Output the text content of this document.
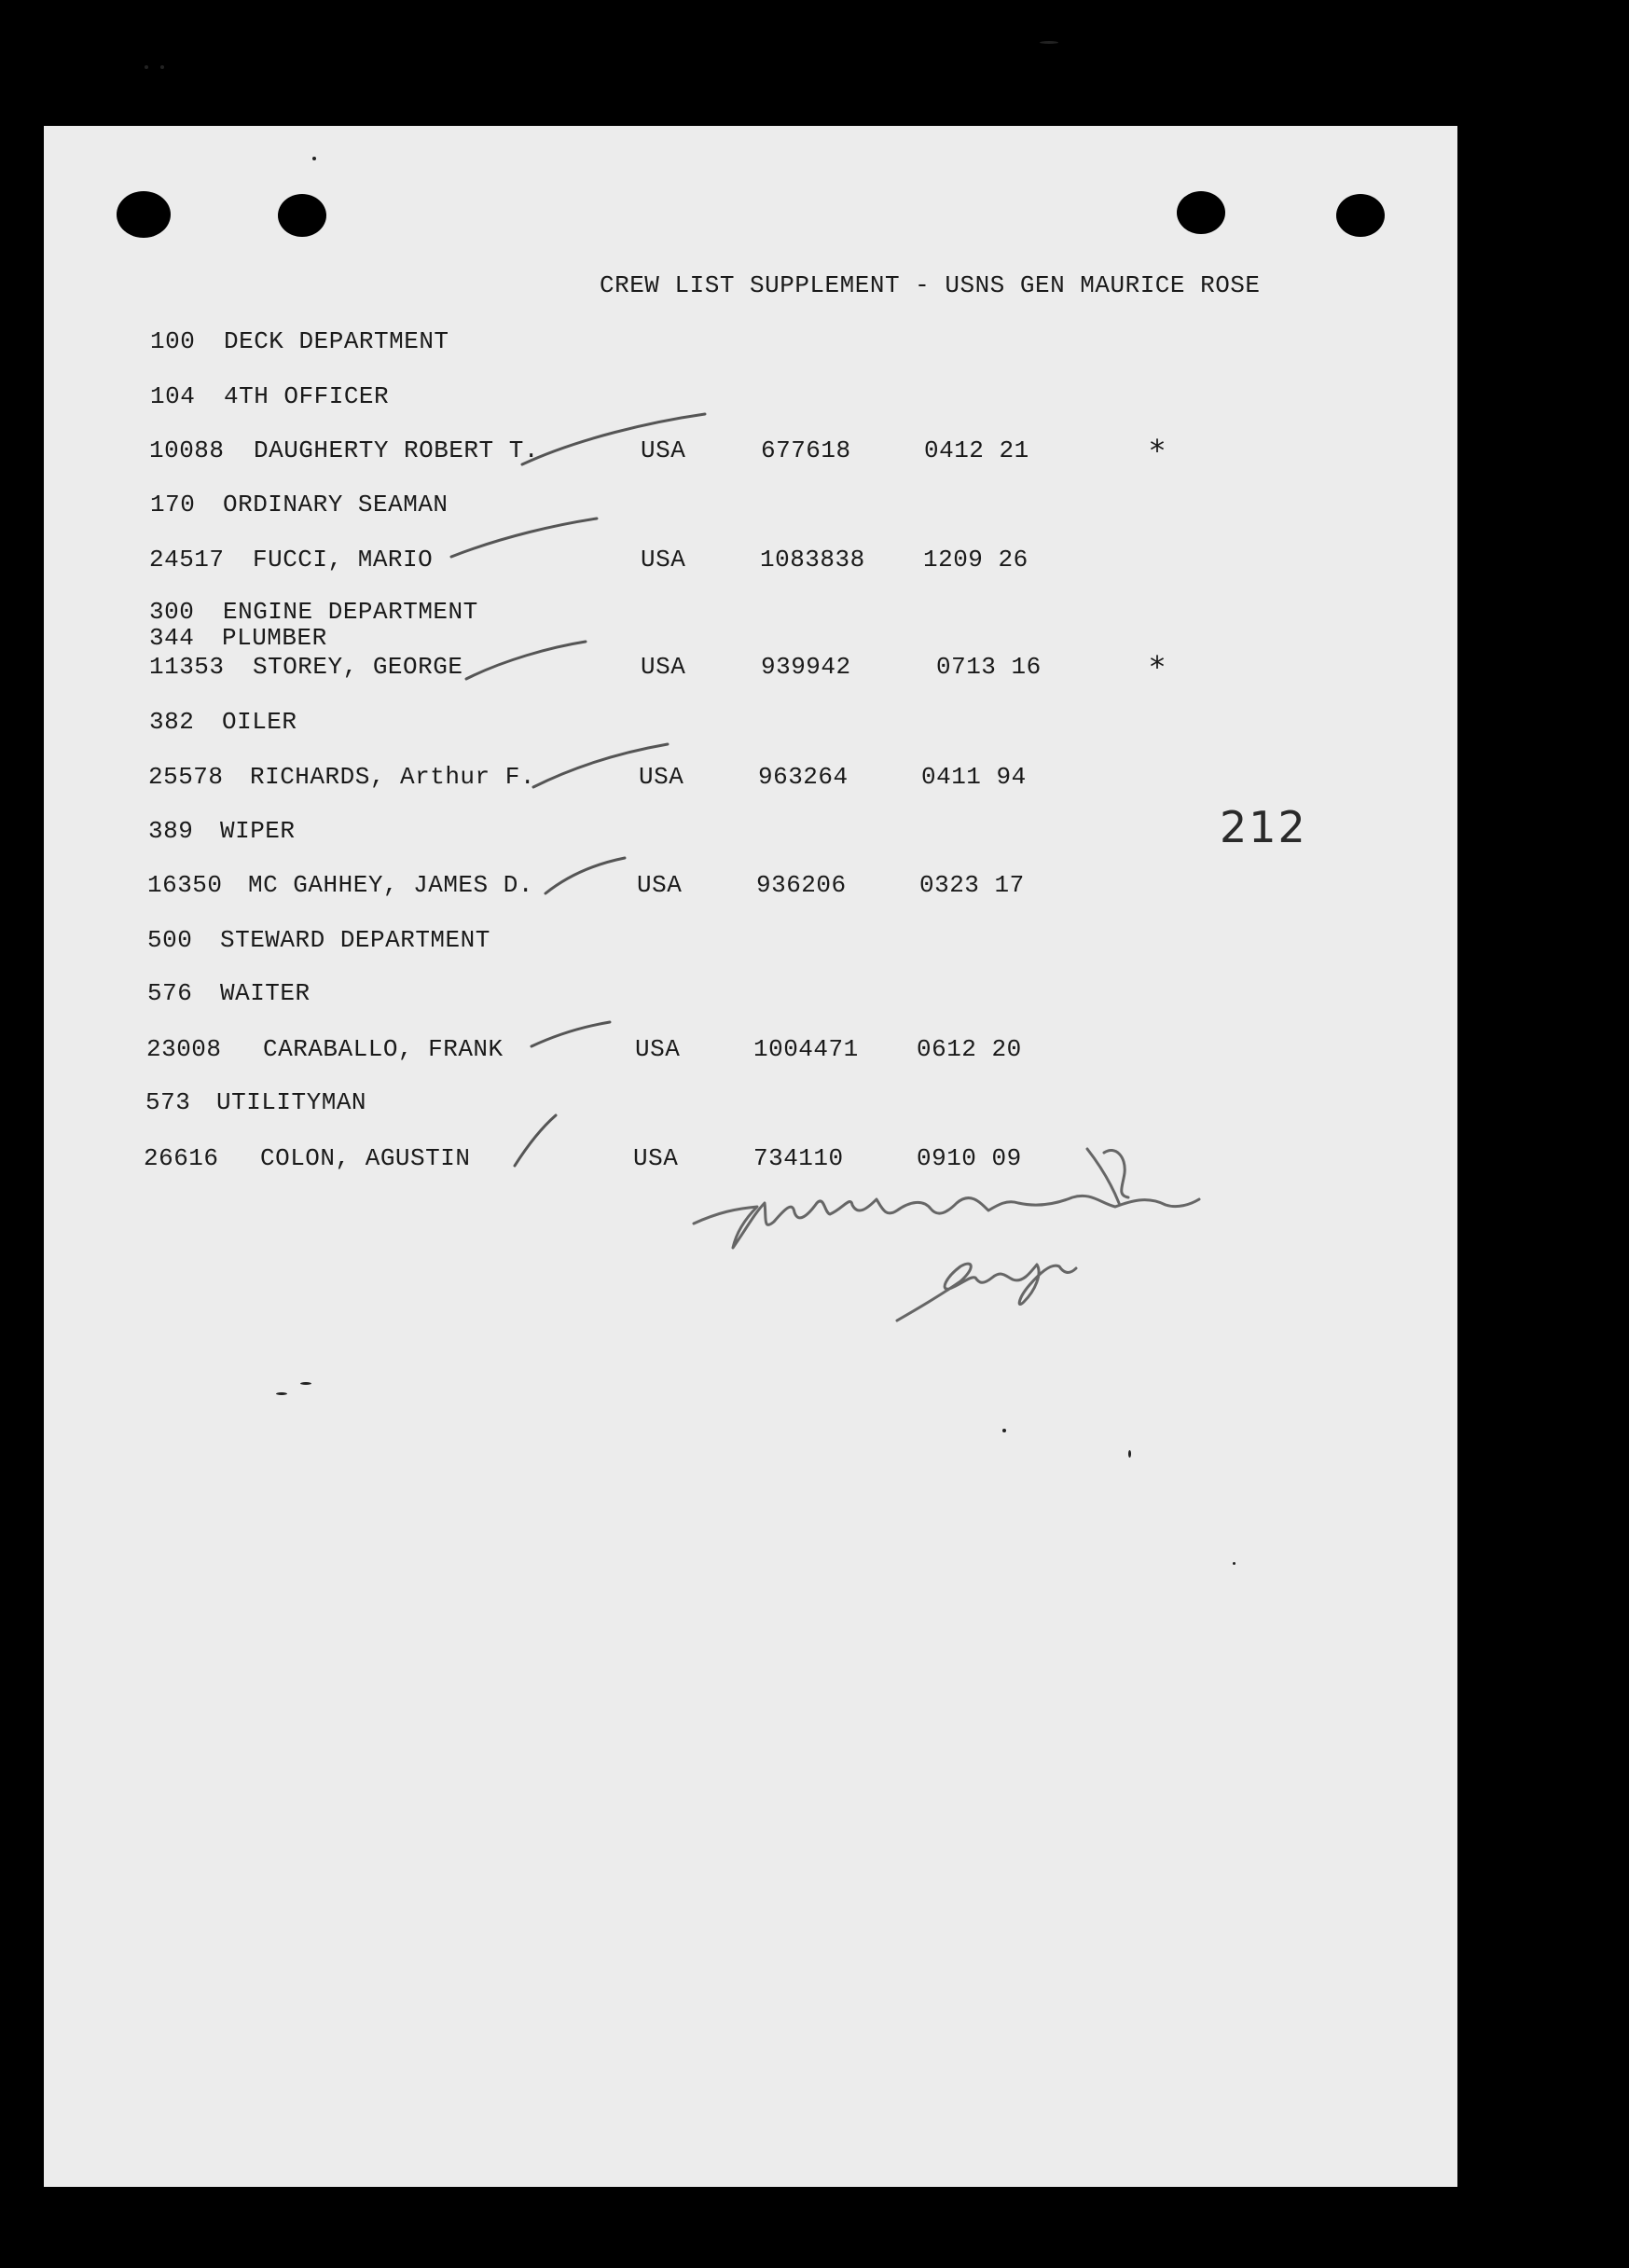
CREW LIST SUPPLEMENT - USNS GEN MAURICE ROSE
212
100 DECK DEPARTMENT
104 4TH OFFICER
10088 DAUGHERTY ROBERT T.	USA	677618	0412 21	*
170 ORDINARY SEAMAN
24517 FUCCI, MARIO	USA	1083838 1209 26
300 ENGINE DEPARTMENT
344 PLUMBER
11353 STOREY, GEORGE	USA	939942	0713 16	*
382 OILER
25578 RICHARDS, Arthur F.	USA	963264	0411 94
389 WIPER
16350 MC GAHHEY, JAMES D.	USA	936206	0323 17
500 STEWARD DEPARTMENT
576 WAITER
23008 CARABALLO, FRANK	USA	1004471 0612 20
573 UTILITYMAN
26616 COLON, AGUSTIN	USA	734110	0910 09
